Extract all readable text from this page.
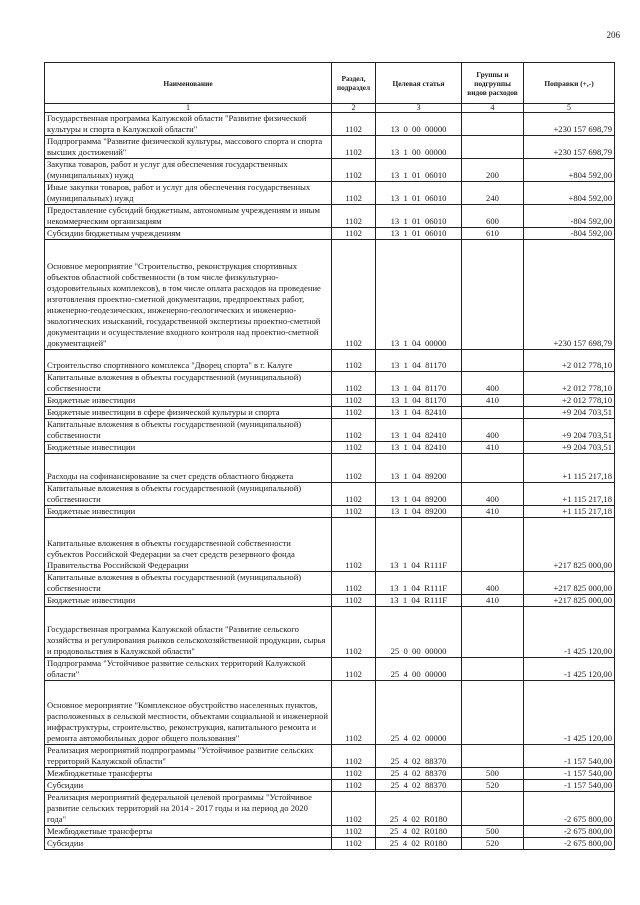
206
Наименование	Раздел, подраздел	Целевая статья	Группы и подгруппы видов расходов	Поправки (+,-)
1	2	3	4	5
Государственная программа Калужской области "Развитие физической культуры и спорта в Калужской области"	1102	13  0  00  00000		+230 157 698,79
Подпрограмма "Развитие физической культуры, массового спорта и спорта высших достижений"	1102	13  1  00  00000		+230 157 698,79
Закупка товаров, работ и услуг для обеспечения государственных (муниципальных) нужд	1102	13  1  01  06010	200	+804 592,00
Иные закупки товаров, работ и услуг для обеспечения государственных (муниципальных) нужд	1102	13  1  01  06010	240	+804 592,00
Предоставление субсидий бюджетным, автономным учреждениям и иным некоммерческим организациям	1102	13  1  01  06010	600	-804 592,00
Субсидии бюджетным учреждениям	1102	13  1  01  06010	610	-804 592,00
Основное мероприятие "Строительство, реконструкция спортивных объектов областной собственности (в том числе физкультурно-оздоровительных комплексов), в том числе оплата расходов на проведение изготовления проектно-сметной документации, предпроектных работ, инженерно-геодезических, инженерно-геологических и инженерно-экологических изысканий, государственной экспертизы проектно-сметной документации и осуществление входного контроля над проектно-сметной документацией"	1102	13  1  04  00000		+230 157 698,79
Строительство спортивного комплекса "Дворец спорта" в г. Калуге	1102	13  1  04  81170		+2 012 778,10
Капитальные вложения в объекты государственной (муниципальной) собственности	1102	13  1  04  81170	400	+2 012 778,10
Бюджетные инвестиции	1102	13  1  04  81170	410	+2 012 778,10
Бюджетные инвестиции в сфере физической культуры и спорта	1102	13  1  04  82410		+9 204 703,51
Капитальные вложения в объекты государственной (муниципальной) собственности	1102	13  1  04  82410	400	+9 204 703,51
Бюджетные инвестиции	1102	13  1  04  82410	410	+9 204 703,51
Расходы на софинансирование за счет средств областного бюджета	1102	13  1  04  89200		+1 115 217,18
Капитальные вложения в объекты государственной (муниципальной) собственности	1102	13  1  04  89200	400	+1 115 217,18
Бюджетные инвестиции	1102	13  1  04  89200	410	+1 115 217,18
Капитальные вложения в объекты государственной собственности субъектов Российской Федерации за счет средств резервного фонда Правительства Российской Федерации	1102	13  1  04  R111F		+217 825 000,00
Капитальные вложения в объекты государственной (муниципальной) собственности	1102	13  1  04  R111F	400	+217 825 000,00
Бюджетные инвестиции	1102	13  1  04  R111F	410	+217 825 000,00
Государственная программа Калужской области "Развитие сельского хозяйства и регулирования рынков сельскохозяйственной продукции, сырья и продовольствия в Калужской области"	1102	25  0  00  00000		-1 425 120,00
Подпрограмма "Устойчивое развитие сельских территорий Калужской области"	1102	25  4  00  00000		-1 425 120,00
Основное мероприятие "Комплексное обустройство населенных пунктов, расположенных в сельской местности, объектами социальной и инженерной инфраструктуры, строительство, реконструкция, капитального ремонта и ремонта автомобильных дорог общего пользования"	1102	25  4  02  00000		-1 425 120,00
Реализация мероприятий подпрограммы "Устойчивое развитие сельских территорий Калужской области"	1102	25  4  02  88370		-1 157 540,00
Межбюджетные трансферты	1102	25  4  02  88370	500	-1 157 540,00
Субсидии	1102	25  4  02  88370	520	-1 157 540,00
Реализация мероприятий федеральной целевой программы "Устойчивое развитие сельских территорий на 2014 - 2017 годы и на период до 2020 года"	1102	25  4  02  R0180		-2 675 800,00
Межбюджетные трансферты	1102	25  4  02  R0180	500	-2 675 800,00
Субсидии	1102	25  4  02  R0180	520	-2 675 800,00
